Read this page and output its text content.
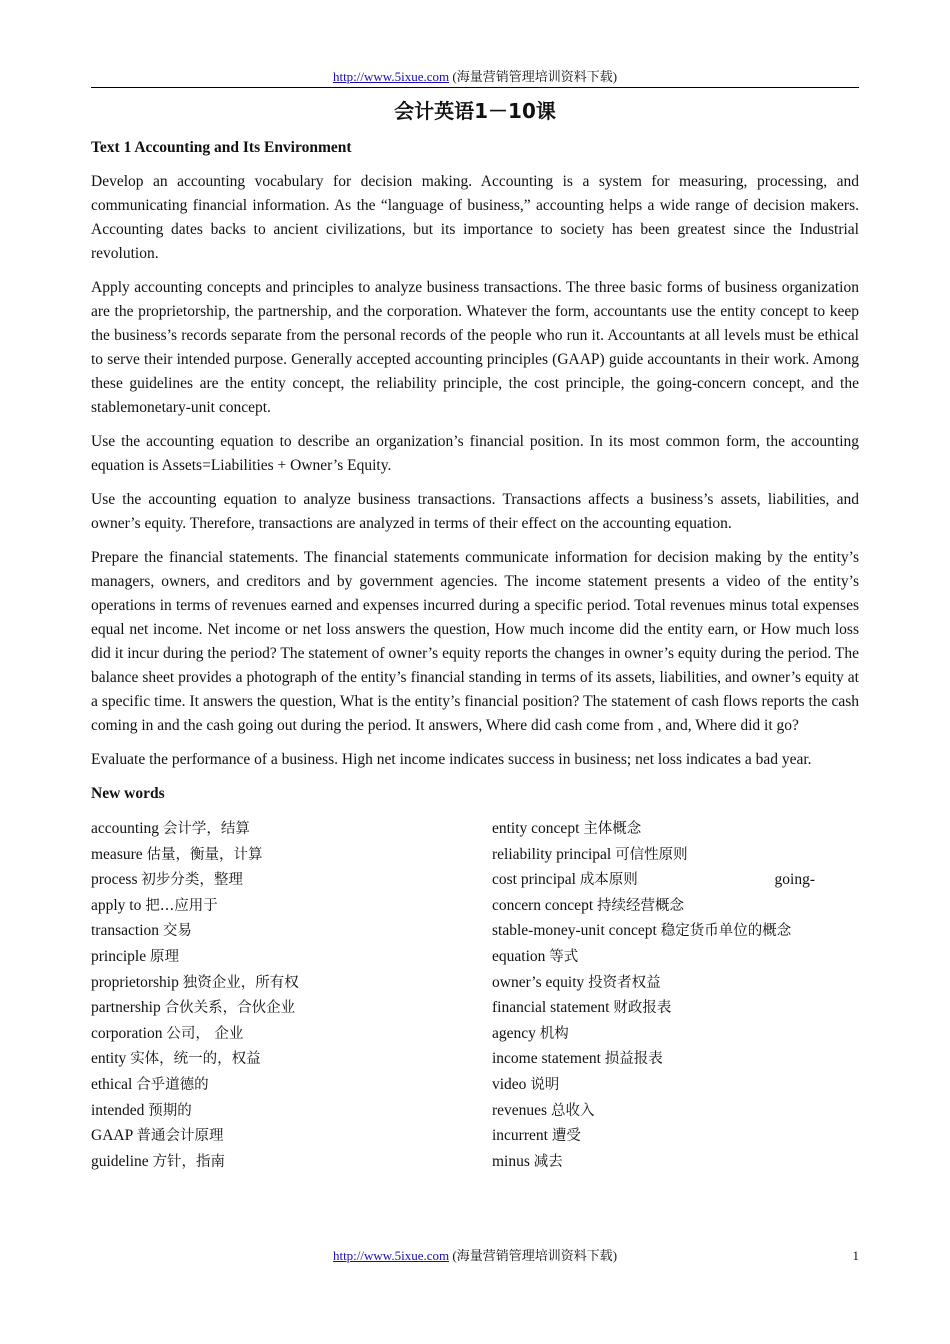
http://www.5ixue.com (海量营销管理培训资料下载)
会计英语1－10课
Text 1 Accounting and Its Environment

Develop an accounting vocabulary for decision making. Accounting is a system for measuring, processing, and communicating financial information. As the “language of business,” accounting helps a wide range of decision makers. Accounting dates backs to ancient civilizations, but its importance to society has been greatest since the Industrial revolution.

Apply accounting concepts and principles to analyze business transactions. The three basic forms of business organization are the proprietorship, the partnership, and the corporation. Whatever the form, accountants use the entity concept to keep the business’s records separate from the personal records of the people who run it. Accountants at all levels must be ethical to serve their intended purpose. Generally accepted accounting principles (GAAP) guide accountants in their work. Among these guidelines are the entity concept, the reliability principle, the cost principle, the going-concern concept, and the stablemonetary-unit concept.

Use the accounting equation to describe an organization’s financial position. In its most common form, the accounting equation is Assets=Liabilities + Owner’s Equity.

Use the accounting equation to analyze business transactions. Transactions affects a business’s assets, liabilities, and owner’s equity. Therefore, transactions are analyzed in terms of their effect on the accounting equation.

Prepare the financial statements. The financial statements communicate information for decision making by the entity’s managers, owners, and creditors and by government agencies. The income statement presents a video of the entity’s operations in terms of revenues earned and expenses incurred during a specific period. Total revenues minus total expenses equal net income. Net income or net loss answers the question, How much income did the entity earn, or How much loss did it incur during the period? The statement of owner’s equity reports the changes in owner’s equity during the period. The balance sheet provides a photograph of the entity’s financial standing in terms of its assets, liabilities, and owner’s equity at a specific time. It answers the question, What is the entity’s financial position? The statement of cash flows reports the cash coming in and the cash going out during the period. It answers, Where did cash come from , and, Where did it go?

Evaluate the performance of a business. High net income indicates success in business; net loss indicates a bad year.

New words
accounting 会计学，结算
measure 估量，衡量，计算
process 初步分类，整理
apply to 把…应用于
transaction 交易
principle 原理
proprietorship 独资企业，所有权
partnership 合伙关系，合伙企业
corporation 公司， 企业
entity 实体，统一的，权益
ethical 合乎道德的
intended 预期的
GAAP 普通会计原理
guideline 方针，指南
entity concept 主体概念
reliability principal 可信性原则
cost principal 成本原则	going-
concern concept 持续经营概念
stable-money-unit concept 稳定货币单位的概念
equation 等式
owner’s equity 投资者权益
financial statement 财政报表
agency 机构
income statement 损益报表
video 说明
revenues 总收入
incurrent 遭受
minus 减去
http://www.5ixue.com (海量营销管理培训资料下载)	1
